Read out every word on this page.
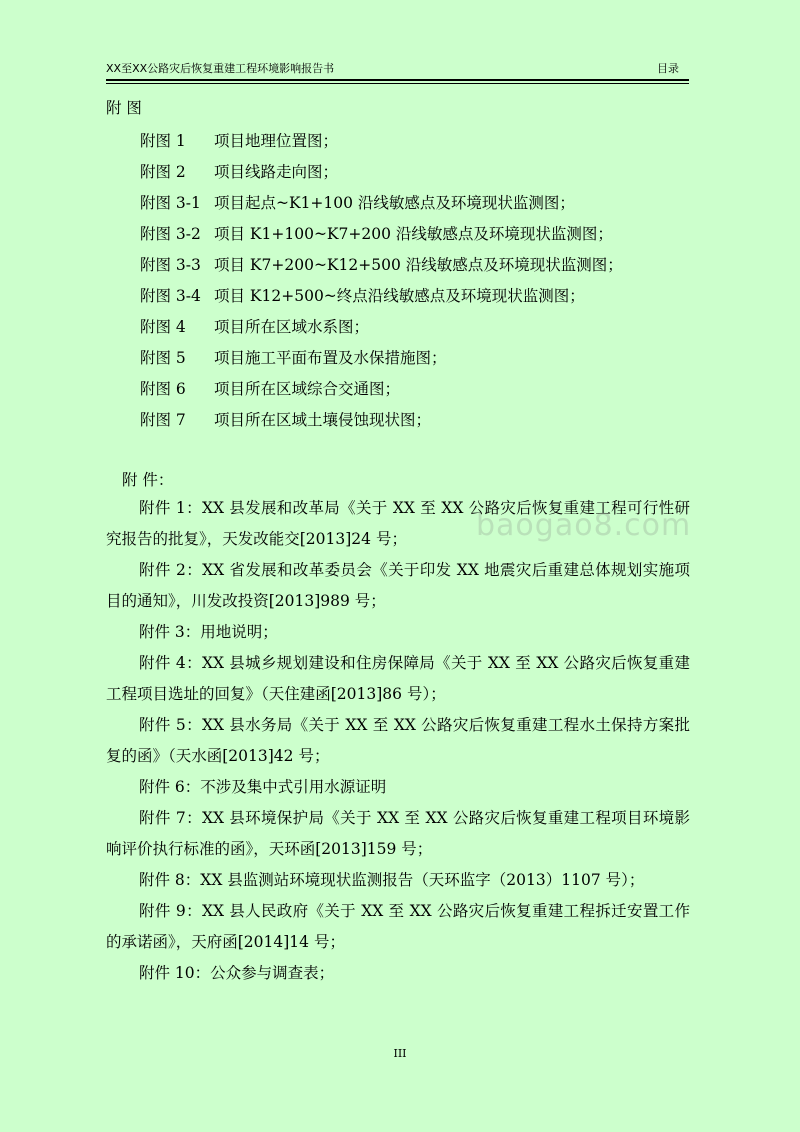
XX至XX公路灾后恢复重建工程环境影响报告书	目录
附 图
附图 1 项目地理位置图；
附图 2 项目线路走向图；
附图 3-1 项目起点~K1+100 沿线敏感点及环境现状监测图；
附图 3-2 项目 K1+100~K7+200 沿线敏感点及环境现状监测图；
附图 3-3 项目 K7+200~K12+500 沿线敏感点及环境现状监测图；
附图 3-4 项目 K12+500~终点沿线敏感点及环境现状监测图；
附图 4 项目所在区域水系图；
附图 5 项目施工平面布置及水保措施图；
附图 6 项目所在区域综合交通图；
附图 7 项目所在区域土壤侵蚀现状图；
附 件：
附件 1：XX 县发展和改革局《关于 XX 至 XX 公路灾后恢复重建工程可行性研究报告的批复》，天发改能交[2013]24 号；
附件 2：XX 省发展和改革委员会《关于印发 XX 地震灾后重建总体规划实施项目的通知》，川发改投资[2013]989 号；
附件 3：用地说明；
附件 4：XX 县城乡规划建设和住房保障局《关于 XX 至 XX 公路灾后恢复重建工程项目选址的回复》（天住建函[2013]86 号）；
附件 5：XX 县水务局《关于 XX 至 XX 公路灾后恢复重建工程水土保持方案批复的函》（天水函[2013]42 号；
附件 6：不涉及集中式引用水源证明
附件 7：XX 县环境保护局《关于 XX 至 XX 公路灾后恢复重建工程项目环境影响评价执行标准的函》，天环函[2013]159 号；
附件 8：XX 县监测站环境现状监测报告（天环监字（2013）1107 号）；
附件 9：XX 县人民政府《关于 XX 至 XX 公路灾后恢复重建工程拆迁安置工作的承诺函》，天府函[2014]14 号；
附件 10：公众参与调查表；
baogao8.com
III
